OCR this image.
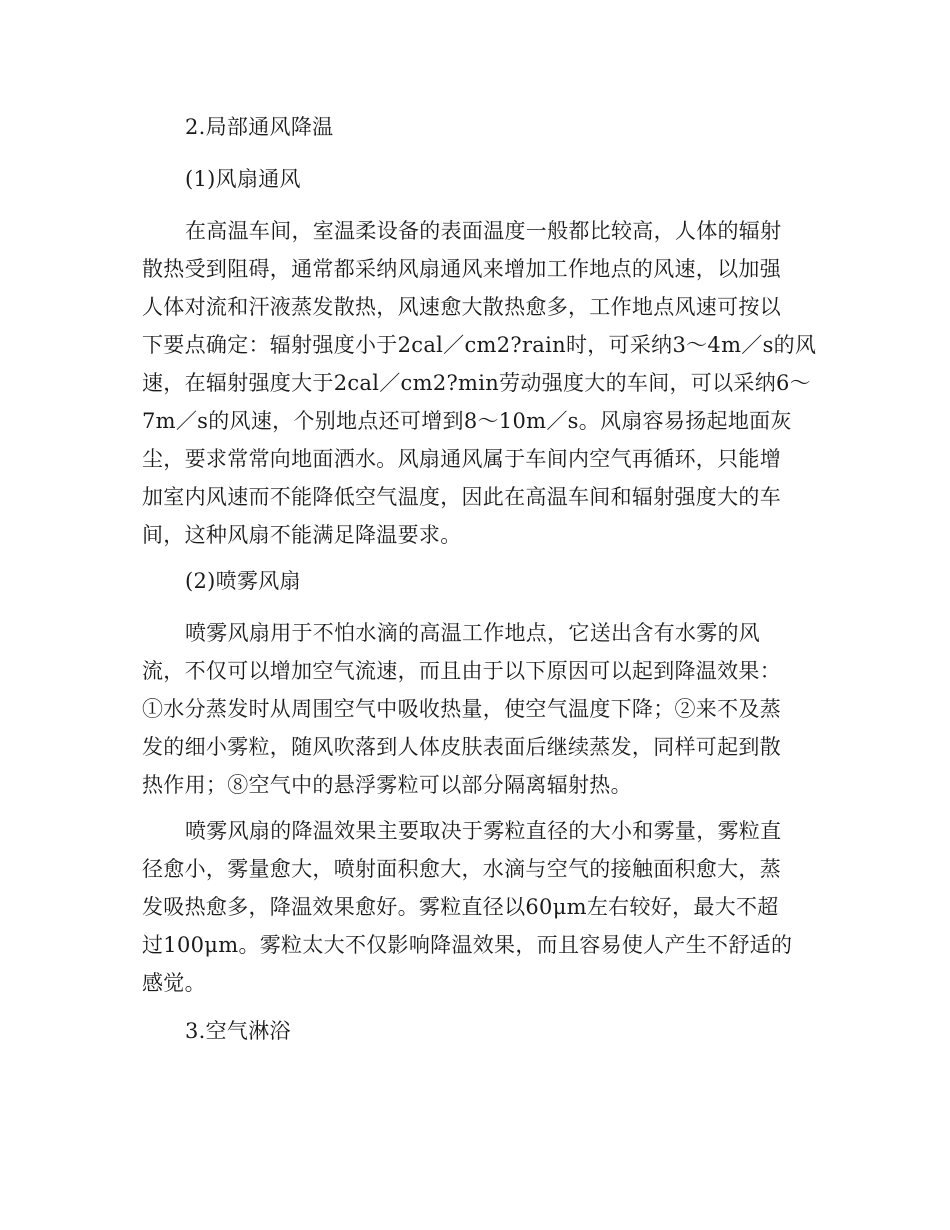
2.局部通风降温
(1)风扇通风
在高温车间，室温柔设备的表面温度一般都比较高，人体的辐射
散热受到阻碍，通常都采纳风扇通风来增加工作地点的风速，以加强
人体对流和汗液蒸发散热，风速愈大散热愈多，工作地点风速可按以
下要点确定：辐射强度小于2cal／cm2?rain时，可采纳3～4m／s的风
速，在辐射强度大于2cal／cm2?min劳动强度大的车间，可以采纳6～
7m／s的风速，个别地点还可增到8～10m／s。风扇容易扬起地面灰
尘，要求常常向地面洒水。风扇通风属于车间内空气再循环，只能增
加室内风速而不能降低空气温度，因此在高温车间和辐射强度大的车
间，这种风扇不能满足降温要求。
(2)喷雾风扇
喷雾风扇用于不怕水滴的高温工作地点，它送出含有水雾的风
流，不仅可以增加空气流速，而且由于以下原因可以起到降温效果：
①水分蒸发时从周围空气中吸收热量，使空气温度下降；②来不及蒸
发的细小雾粒，随风吹落到人体皮肤表面后继续蒸发，同样可起到散
热作用；⑧空气中的悬浮雾粒可以部分隔离辐射热。
喷雾风扇的降温效果主要取决于雾粒直径的大小和雾量，雾粒直
径愈小，雾量愈大，喷射面积愈大，水滴与空气的接触面积愈大，蒸
发吸热愈多，降温效果愈好。雾粒直径以60μm左右较好，最大不超
过100μm。雾粒太大不仅影响降温效果，而且容易使人产生不舒适的
感觉。
3.空气淋浴
